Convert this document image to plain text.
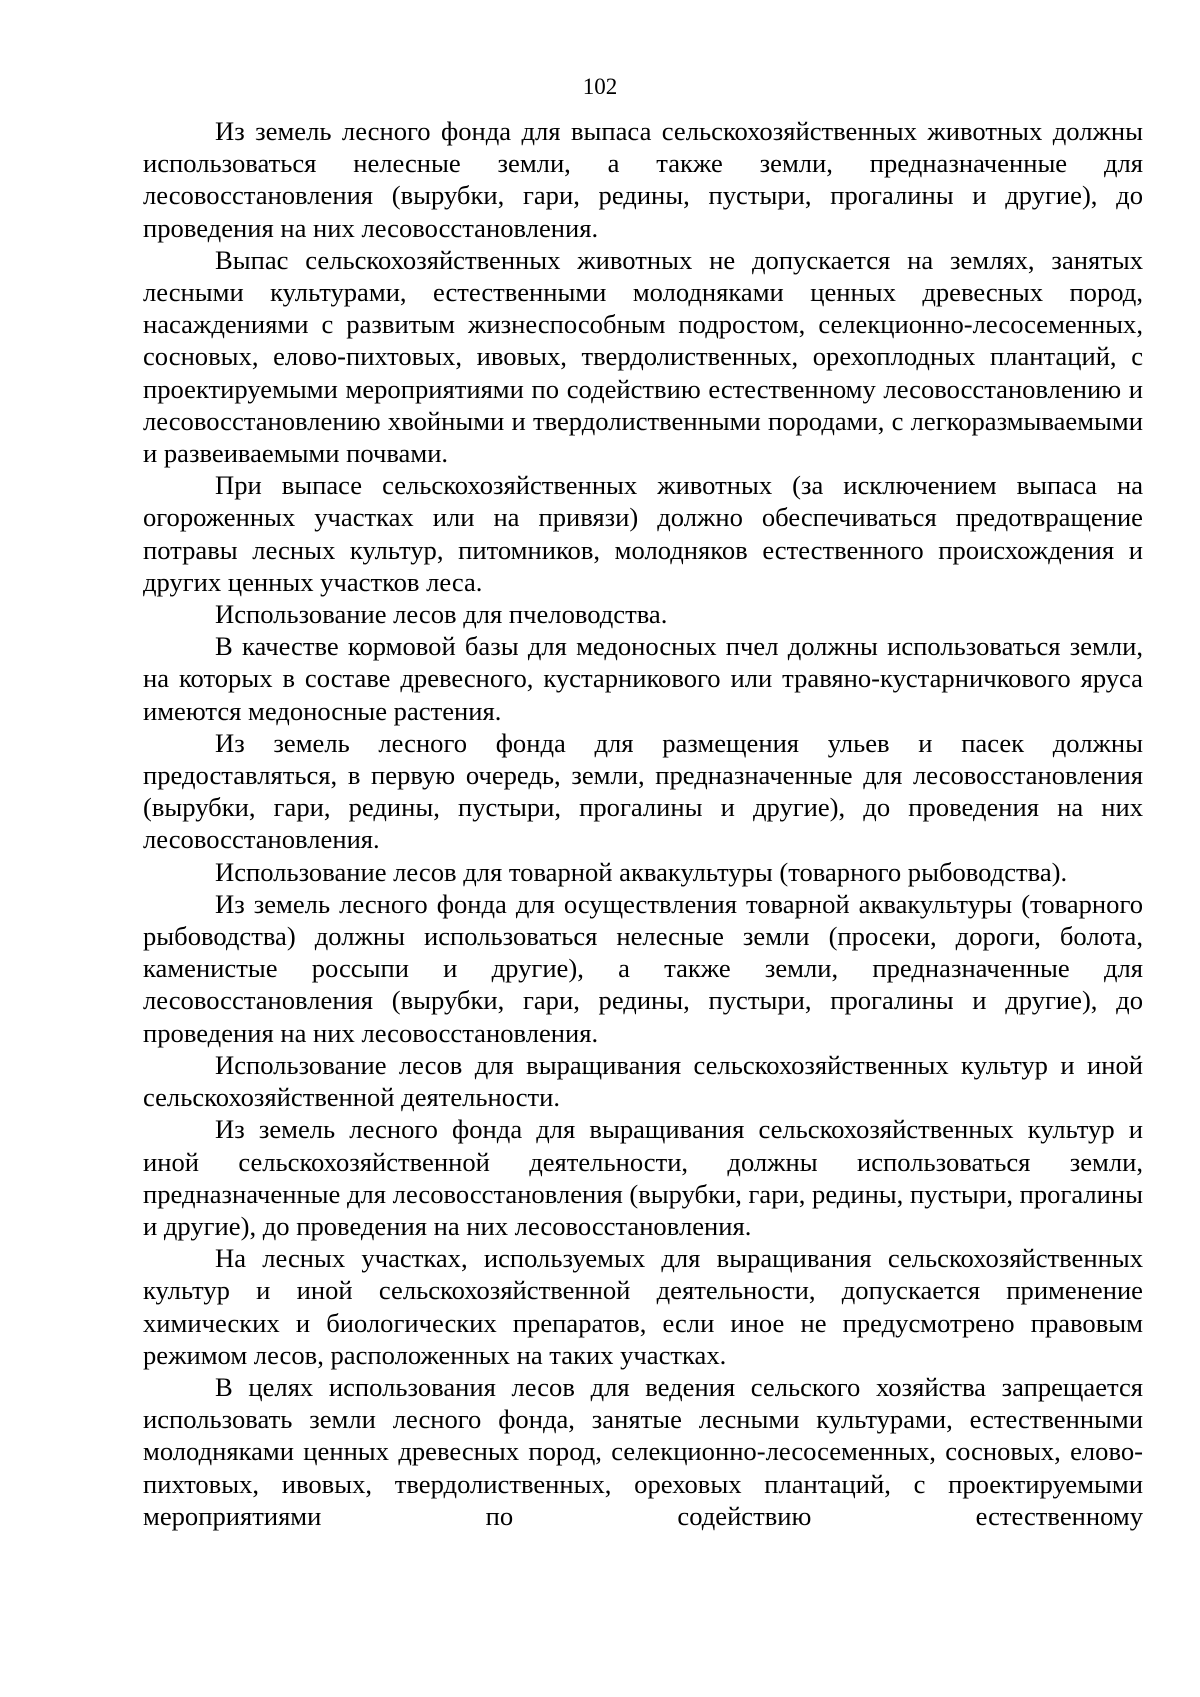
102

Из земель лесного фонда для выпаса сельскохозяйственных животных должны использоваться нелесные земли, а также земли, предназначенные для лесовосстановления (вырубки, гари, редины, пустыри, прогалины и другие), до проведения на них лесовосстановления.

Выпас сельскохозяйственных животных не допускается на землях, занятых лесными культурами, естественными молодняками ценных древесных пород, насаждениями с развитым жизнеспособным подростом, селекционно-лесосеменных, сосновых, елово-пихтовых, ивовых, твердолиственных, орехоплодных плантаций, с проектируемыми мероприятиями по содействию естественному лесовосстановлению и лесовосстановлению хвойными и твердолиственными породами, с легкоразмываемыми и развеиваемыми почвами.

При выпасе сельскохозяйственных животных (за исключением выпаса на огороженных участках или на привязи) должно обеспечиваться предотвращение потравы лесных культур, питомников, молодняков естественного происхождения и других ценных участков леса.

Использование лесов для пчеловодства.

В качестве кормовой базы для медоносных пчел должны использоваться земли, на которых в составе древесного, кустарникового или травяно-кустарничкового яруса имеются медоносные растения.

Из земель лесного фонда для размещения ульев и пасек должны предоставляться, в первую очередь, земли, предназначенные для лесовосстановления (вырубки, гари, редины, пустыри, прогалины и другие), до проведения на них лесовосстановления.

Использование лесов для товарной аквакультуры (товарного рыбоводства).

Из земель лесного фонда для осуществления товарной аквакультуры (товарного рыбоводства) должны использоваться нелесные земли (просеки, дороги, болота, каменистые россыпи и другие), а также земли, предназначенные для лесовосстановления (вырубки, гари, редины, пустыри, прогалины и другие), до проведения на них лесовосстановления.

Использование лесов для выращивания сельскохозяйственных культур и иной сельскохозяйственной деятельности.

Из земель лесного фонда для выращивания сельскохозяйственных культур и иной сельскохозяйственной деятельности, должны использоваться земли, предназначенные для лесовосстановления (вырубки, гари, редины, пустыри, прогалины и другие), до проведения на них лесовосстановления.

На лесных участках, используемых для выращивания сельскохозяйственных культур и иной сельскохозяйственной деятельности, допускается применение химических и биологических препаратов, если иное не предусмотрено правовым режимом лесов, расположенных на таких участках.

В целях использования лесов для ведения сельского хозяйства запрещается использовать земли лесного фонда, занятые лесными культурами, естественными молодняками ценных древесных пород, селекционно-лесосеменных, сосновых, елово-пихтовых, ивовых, твердолиственных, ореховых плантаций, с проектируемыми мероприятиями по содействию естественному
